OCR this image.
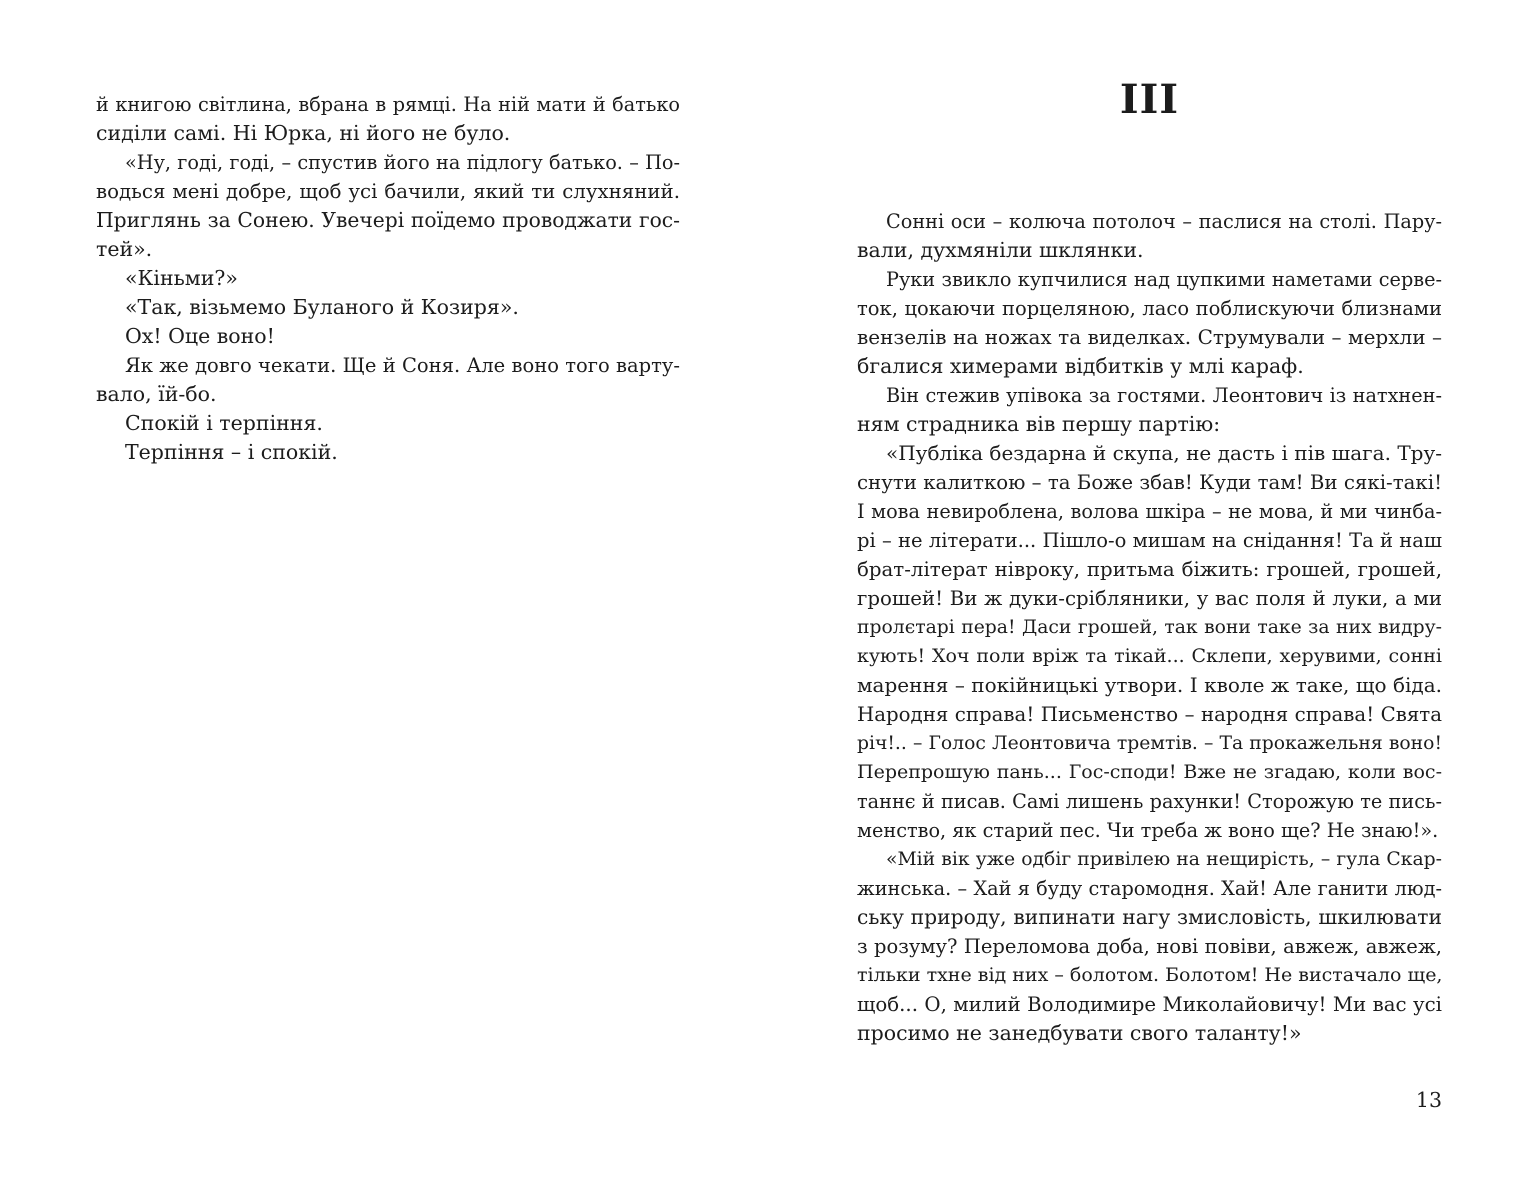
й книгою світлина, вбрана в рямці. На ній мати й батько
сиділи самі. Ні Юрка, ні його не було.
«Ну, годі, годі, – спустив його на підлогу батько. – По-
водься мені добре, щоб усі бачили, який ти слухняний.
Приглянь за Сонею. Увечері поїдемо проводжати гос-
тей».
«Кіньми?»
«Так, візьмемо Буланого й Козиря».
Ох! Оце воно!
Як же довго чекати. Ще й Соня. Але воно того варту-
вало, їй-бо.
Спокій і терпіння.
Терпіння – і спокій.
ІІІ
Сонні оси – колюча потолоч – паслися на столі. Пару-
вали, духмяніли шклянки.
Руки звикло купчилися над цупкими наметами серве-
ток, цокаючи порцеляною, ласо поблискуючи близнами
вензелів на ножах та виделках. Струмували – мерхли –
бгалися химерами відбитків у млі караф.
Він стежив упівока за гостями. Леонтович із натхнен-
ням страдника вів першу партію:
«Публіка бездарна й скупа, не дасть і пів шага. Тру-
снути калиткою – та Боже збав! Куди там! Ви сякі-такі!
І мова невироблена, волова шкіра – не мова, й ми чинба-
рі – не літерати... Пішло-о мишам на снідання! Та й наш
брат-літерат нівроку, притьма біжить: грошей, грошей,
грошей! Ви ж дуки-срібляники, у вас поля й луки, а ми
пролєтарі пера! Даси грошей, так вони таке за них видру-
кують! Хоч поли вріж та тікай... Склепи, херувими, сонні
марення – покійницькі утвори. І кволе ж таке, що біда.
Народня справа! Письменство – народня справа! Свята
річ!.. – Голос Леонтовича тремтів. – Та прокажельня воно!
Перепрошую пань... Гос-споди! Вже не згадаю, коли вос-
таннє й писав. Самі лишень рахунки! Сторожую те пись-
менство, як старий пес. Чи треба ж воно ще? Не знаю!».
«Мій вік уже одбіг привілею на нещирість, – гула Скар-
жинська. – Хай я буду старомодня. Хай! Але ганити люд-
ську природу, випинати нагу змисловість, шкилювати
з розуму? Переломова доба, нові повіви, авжеж, авжеж,
тільки тхне від них – болотом. Болотом! Не вистачало ще,
щоб... О, милий Володимире Миколайовичу! Ми вас усі
просимо не занедбувати свого таланту!»
13
